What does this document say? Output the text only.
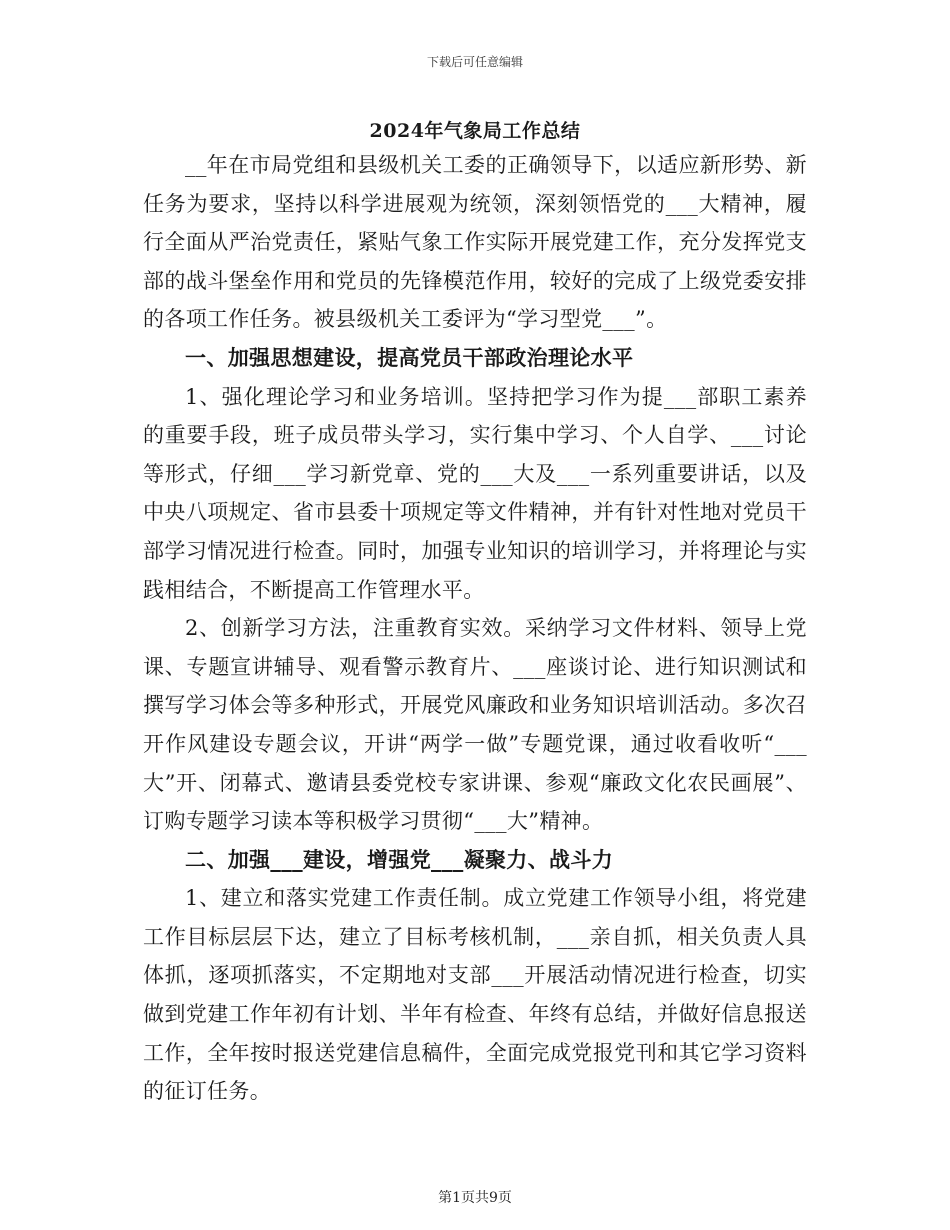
下载后可任意编辑
2024年气象局工作总结

__年在市局党组和县级机关工委的正确领导下，以适应新形势、新任务为要求，坚持以科学进展观为统领，深刻领悟党的___大精神，履行全面从严治党责任，紧贴气象工作实际开展党建工作，充分发挥党支部的战斗堡垒作用和党员的先锋模范作用，较好的完成了上级党委安排的各项工作任务。被县级机关工委评为“学习型党___”。

一、加强思想建设，提高党员干部政治理论水平

1、强化理论学习和业务培训。坚持把学习作为提___部职工素养的重要手段，班子成员带头学习，实行集中学习、个人自学、___讨论等形式，仔细___学习新党章、党的___大及___一系列重要讲话，以及中央八项规定、省市县委十项规定等文件精神，并有针对性地对党员干部学习情况进行检查。同时，加强专业知识的培训学习，并将理论与实践相结合，不断提高工作管理水平。

2、创新学习方法，注重教育实效。采纳学习文件材料、领导上党课、专题宣讲辅导、观看警示教育片、___座谈讨论、进行知识测试和撰写学习体会等多种形式，开展党风廉政和业务知识培训活动。多次召开作风建设专题会议，开讲“两学一做”专题党课，通过收看收听“___大”开、闭幕式、邀请县委党校专家讲课、参观“廉政文化农民画展”、订购专题学习读本等积极学习贯彻“___大”精神。

二、加强___建设，增强党___凝聚力、战斗力

1、建立和落实党建工作责任制。成立党建工作领导小组，将党建工作目标层层下达，建立了目标考核机制，___亲自抓，相关负责人具体抓，逐项抓落实，不定期地对支部___开展活动情况进行检查，切实做到党建工作年初有计划、半年有检查、年终有总结，并做好信息报送工作，全年按时报送党建信息稿件，全面完成党报党刊和其它学习资料的征订任务。

第1页共9页
